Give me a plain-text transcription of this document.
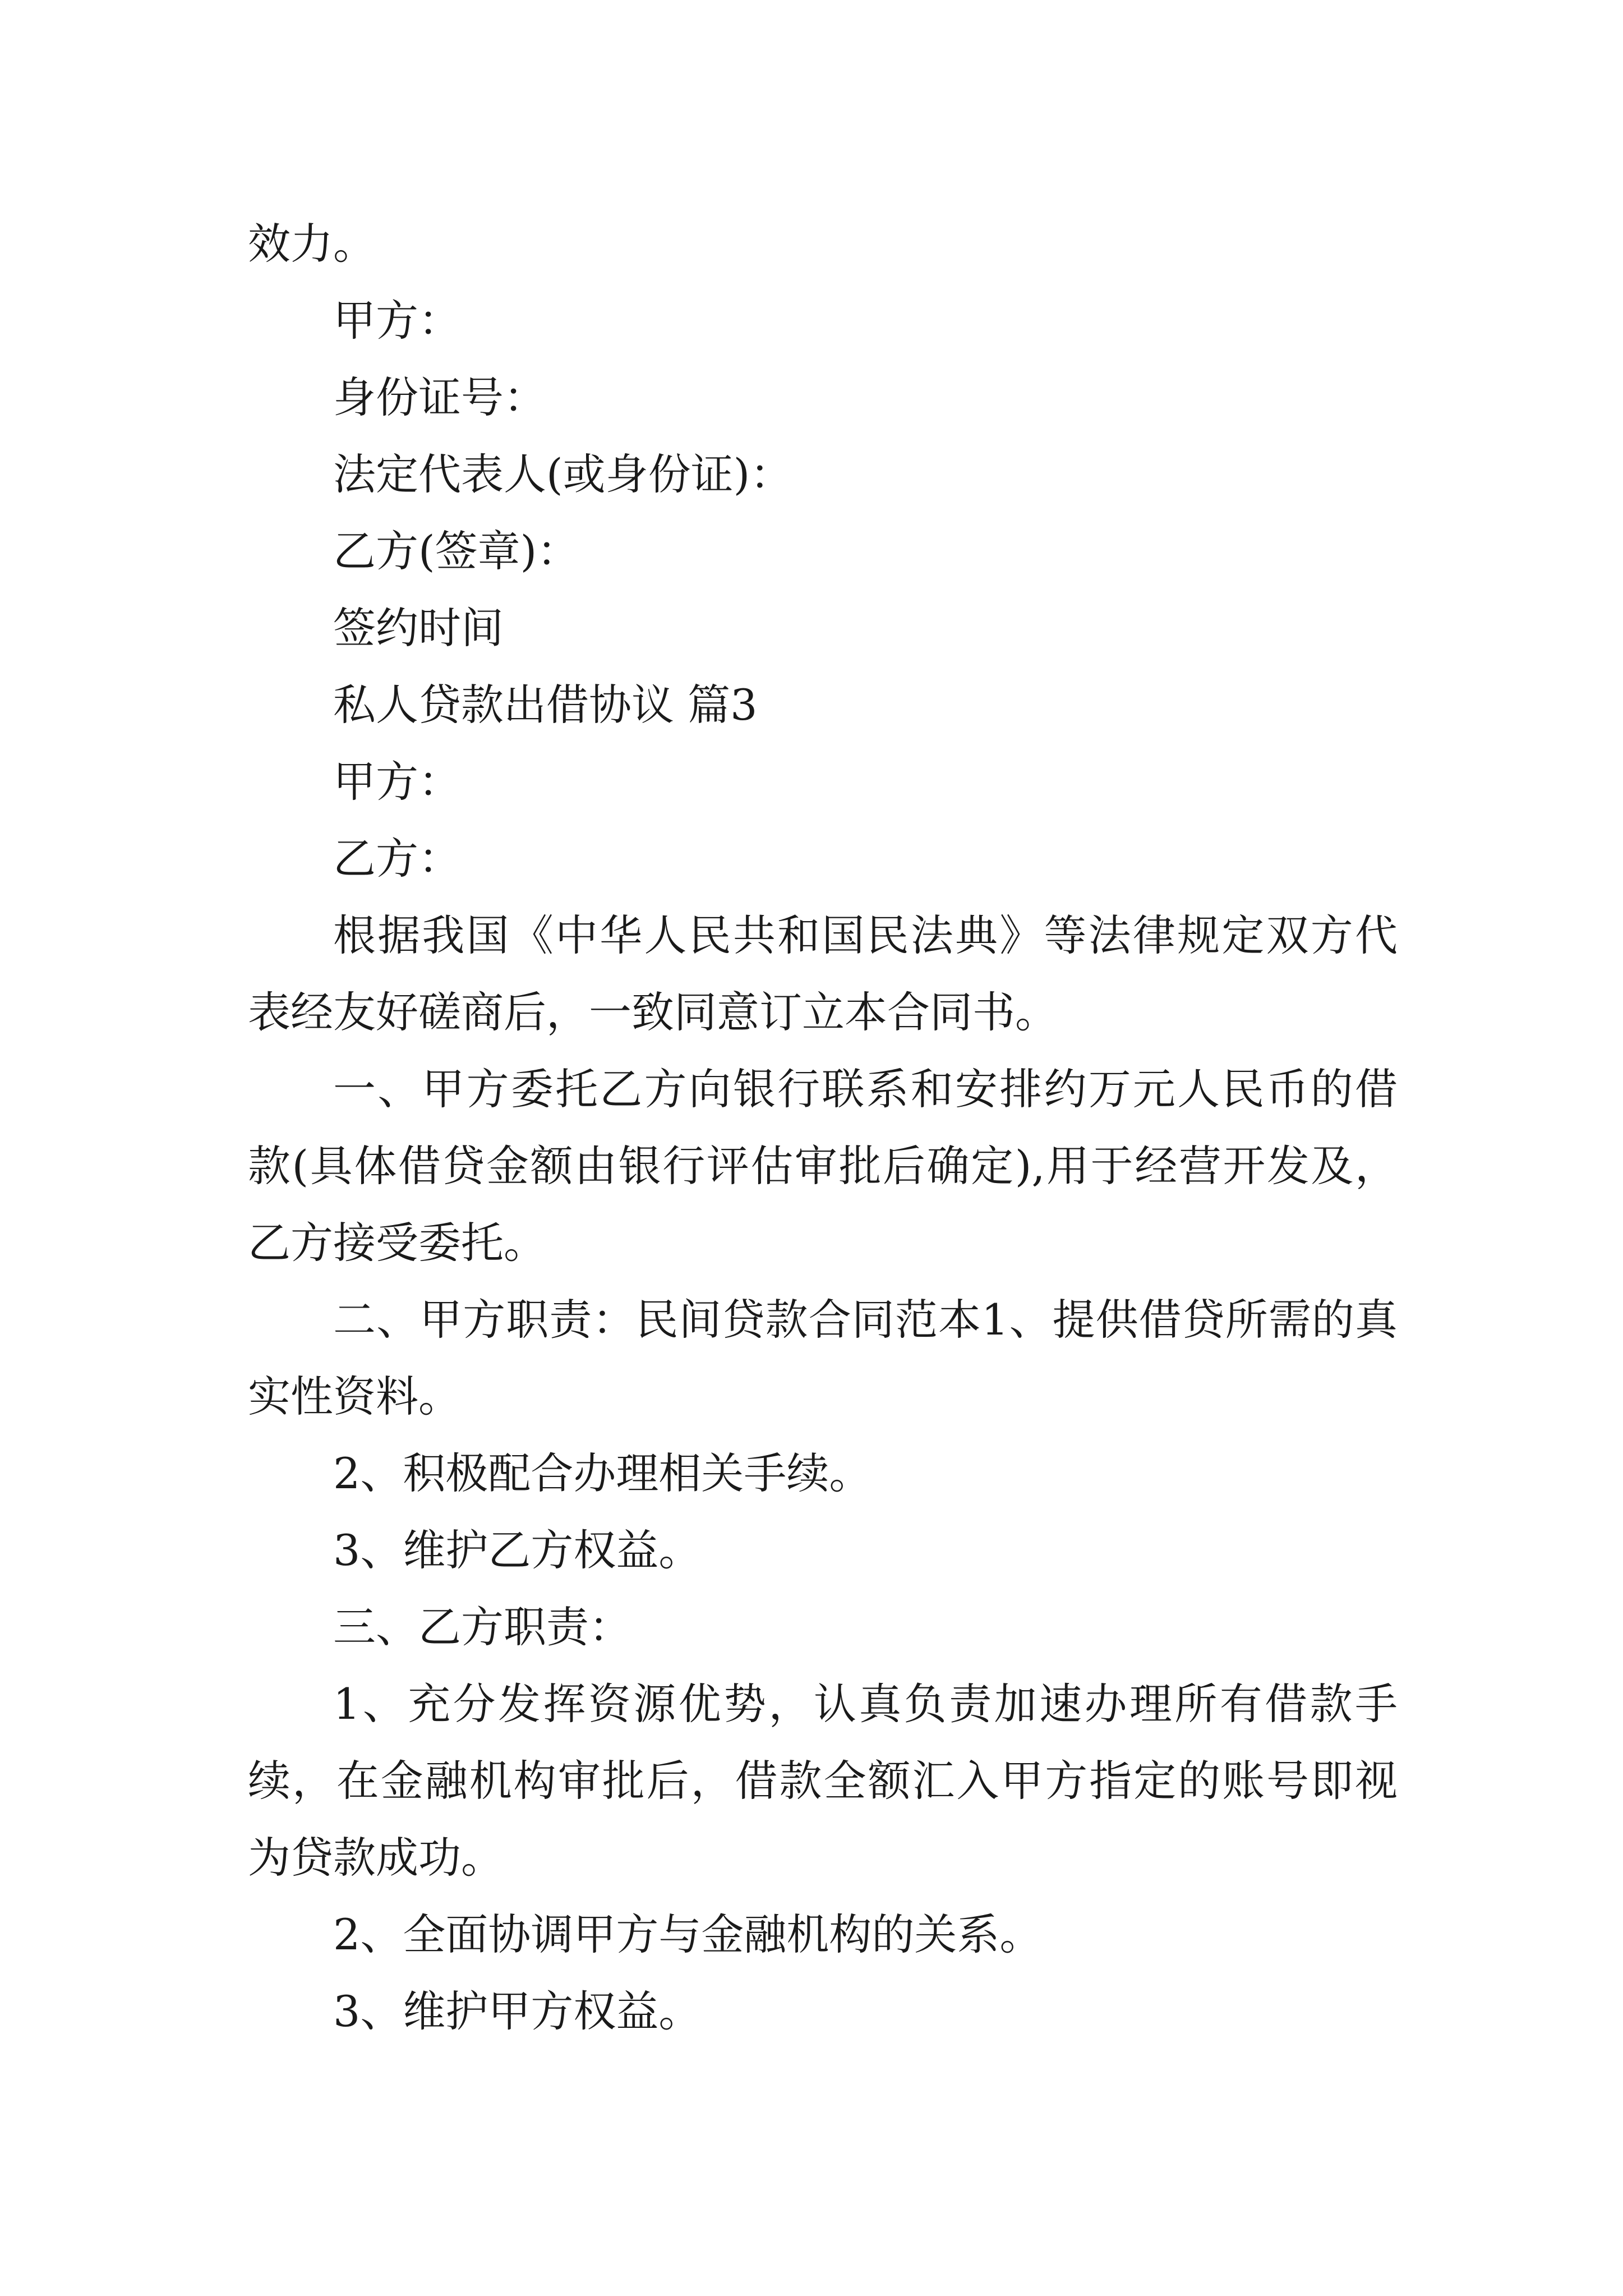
效力。

甲方：

身份证号：

法定代表人(或身份证)：

乙方(签章)：

签约时间

私人贷款出借协议 篇3

甲方：

乙方：

根据我国《中华人民共和国民法典》等法律规定双方代表经友好磋商后，一致同意订立本合同书。

一、甲方委托乙方向银行联系和安排约万元人民币的借款(具体借贷金额由银行评估审批后确定),用于经营开发及，乙方接受委托。

二、甲方职责：民间贷款合同范本1、提供借贷所需的真实性资料。

2、积极配合办理相关手续。

3、维护乙方权益。

三、乙方职责：

1、充分发挥资源优势，认真负责加速办理所有借款手续，在金融机构审批后，借款全额汇入甲方指定的账号即视为贷款成功。

2、全面协调甲方与金融机构的关系。

3、维护甲方权益。
